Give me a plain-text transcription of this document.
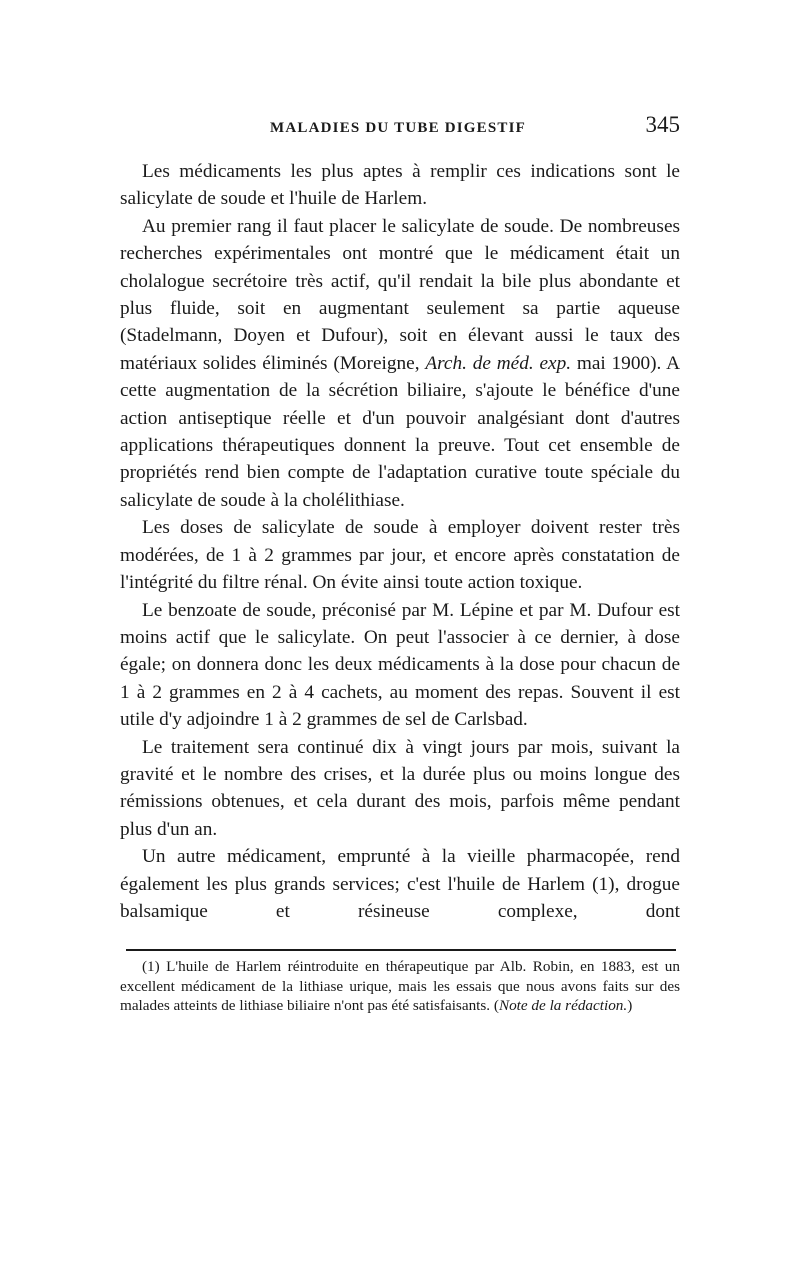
MALADIES DU TUBE DIGESTIF	345

Les médicaments les plus aptes à remplir ces indications sont le salicylate de soude et l'huile de Harlem.

Au premier rang il faut placer le salicylate de soude. De nombreuses recherches expérimentales ont montré que le médicament était un cholalogue secrétoire très actif, qu'il rendait la bile plus abondante et plus fluide, soit en augmentant seulement sa partie aqueuse (Stadelmann, Doyen et Dufour), soit en élevant aussi le taux des matériaux solides éliminés (Moreigne, Arch. de méd. exp. mai 1900). A cette augmentation de la sécrétion biliaire, s'ajoute le bénéfice d'une action antiseptique réelle et d'un pouvoir analgésiant dont d'autres applications thérapeutiques donnent la preuve. Tout cet ensemble de propriétés rend bien compte de l'adaptation curative toute spéciale du salicylate de soude à la cholélithiase.

Les doses de salicylate de soude à employer doivent rester très modérées, de 1 à 2 grammes par jour, et encore après constatation de l'intégrité du filtre rénal. On évite ainsi toute action toxique.

Le benzoate de soude, préconisé par M. Lépine et par M. Dufour est moins actif que le salicylate. On peut l'associer à ce dernier, à dose égale; on donnera donc les deux médicaments à la dose pour chacun de 1 à 2 grammes en 2 à 4 cachets, au moment des repas. Souvent il est utile d'y adjoindre 1 à 2 grammes de sel de Carlsbad.

Le traitement sera continué dix à vingt jours par mois, suivant la gravité et le nombre des crises, et la durée plus ou moins longue des rémissions obtenues, et cela durant des mois, parfois même pendant plus d'un an.

Un autre médicament, emprunté à la vieille pharmacopée, rend également les plus grands services; c'est l'huile de Harlem (1), drogue balsamique et résineuse complexe, dont

(1) L'huile de Harlem réintroduite en thérapeutique par Alb. Robin, en 1883, est un excellent médicament de la lithiase urique, mais les essais que nous avons faits sur des malades atteints de lithiase biliaire n'ont pas été satisfaisants. (Note de la rédaction.)
